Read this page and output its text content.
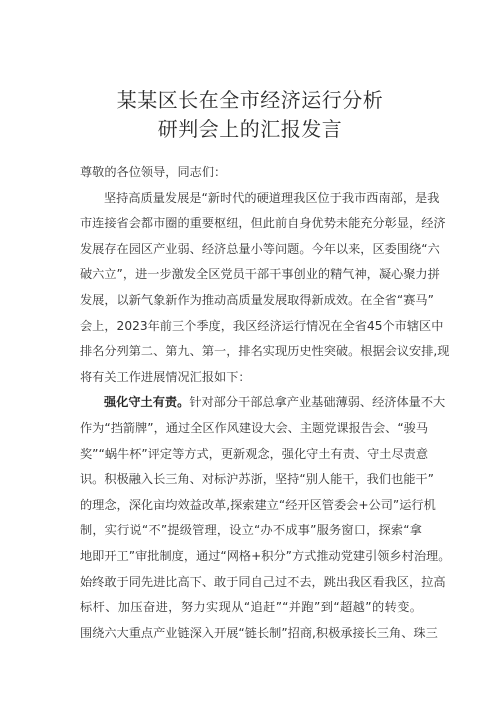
某某区长在全市经济运行分析
研判会上的汇报发言
尊敬的各位领导，同志们：
坚持高质量发展是“新时代的硬道理我区位于我市西南部，是我
市连接省会都市圈的重要枢纽，但此前自身优势未能充分彰显，经济
发展存在园区产业弱、经济总量小等问题。今年以来，区委围绕“六
破六立”，进一步激发全区党员干部干事创业的精气神，凝心聚力拼
发展，以新气象新作为推动高质量发展取得新成效。在全省“赛马”
会上，2023年前三个季度，我区经济运行情况在全省45个市辖区中
排名分列第二、第九、第一，排名实现历史性突破。根据会议安排,现
将有关工作进展情况汇报如下：
强化守土有责。针对部分干部总拿产业基础薄弱、经济体量不大
作为“挡箭牌”，通过全区作风建设大会、主题党课报告会、“骏马
奖”“蜗牛杯”评定等方式，更新观念，强化守土有责、守土尽责意
识。积极融入长三角、对标沪苏浙，坚持“别人能干，我们也能干”
的理念，深化亩均效益改革,探索建立“经开区管委会+公司”运行机
制，实行说“不”提级管理，设立“办不成事”服务窗口，探索“拿
地即开工”审批制度，通过“网格+积分”方式推动党建引领乡村治理。
始终敢于同先进比高下、敢于同自己过不去，跳出我区看我区，拉高
标杆、加压奋进，努力实现从“追赶”“并跑”到“超越”的转变。
围绕六大重点产业链深入开展“链长制”招商,积极承接长三角、珠三
